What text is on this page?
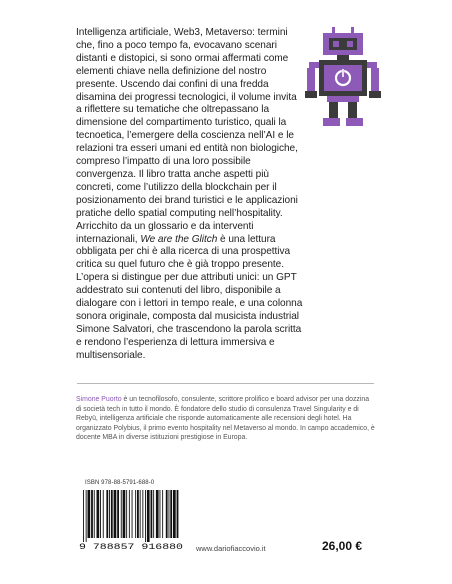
Intelligenza artificiale, Web3, Metaverso: termini che, fino a poco tempo fa, evocavano scenari distanti e distopici, si sono ormai affermati come elementi chiave nella definizione del nostro presente. Uscendo dai confini di una fredda disamina dei progressi tecnologici, il volume invita a riflettere su tematiche che oltrepassano la dimensione del compartimento turistico, quali la tecnoetica, l’emergere della coscienza nell’AI e le relazioni tra esseri umani ed entità non biologiche, compreso l’impatto di una loro possibile convergenza. Il libro tratta anche aspetti più concreti, come l’utilizzo della blockchain per il posizionamento dei brand turistici e le applicazioni pratiche dello spatial computing nell’hospitality. Arricchito da un glossario e da interventi internazionali, We are the Glitch è una lettura obbligata per chi è alla ricerca di una prospettiva critica su quel futuro che è già troppo presente. L’opera si distingue per due attributi unici: un GPT addestrato sui contenuti del libro, disponibile a dialogare con i lettori in tempo reale, e una colonna sonora originale, composta dal musicista industrial Simone Salvatori, che trascendono la parola scritta e rendono l’esperienza di lettura immersiva e multisensoriale.

Simone Puorto è un tecnofilosofo, consulente, scrittore prolifico e board advisor per una dozzina di società tech in tutto il mondo. È fondatore dello studio di consulenza Travel Singularity e di Rebyü, intelligenza artificiale che risponde automaticamente alle recensioni degli hotel. Ha organizzato Polybius, il primo evento hospitality nel Metaverso al mondo. In campo accademico, è docente MBA in diverse istituzioni prestigiose in Europa.

ISBN 978-88-5791-688-0
9 788857 916880 www.dariofiaccovio.it	26,00 €
